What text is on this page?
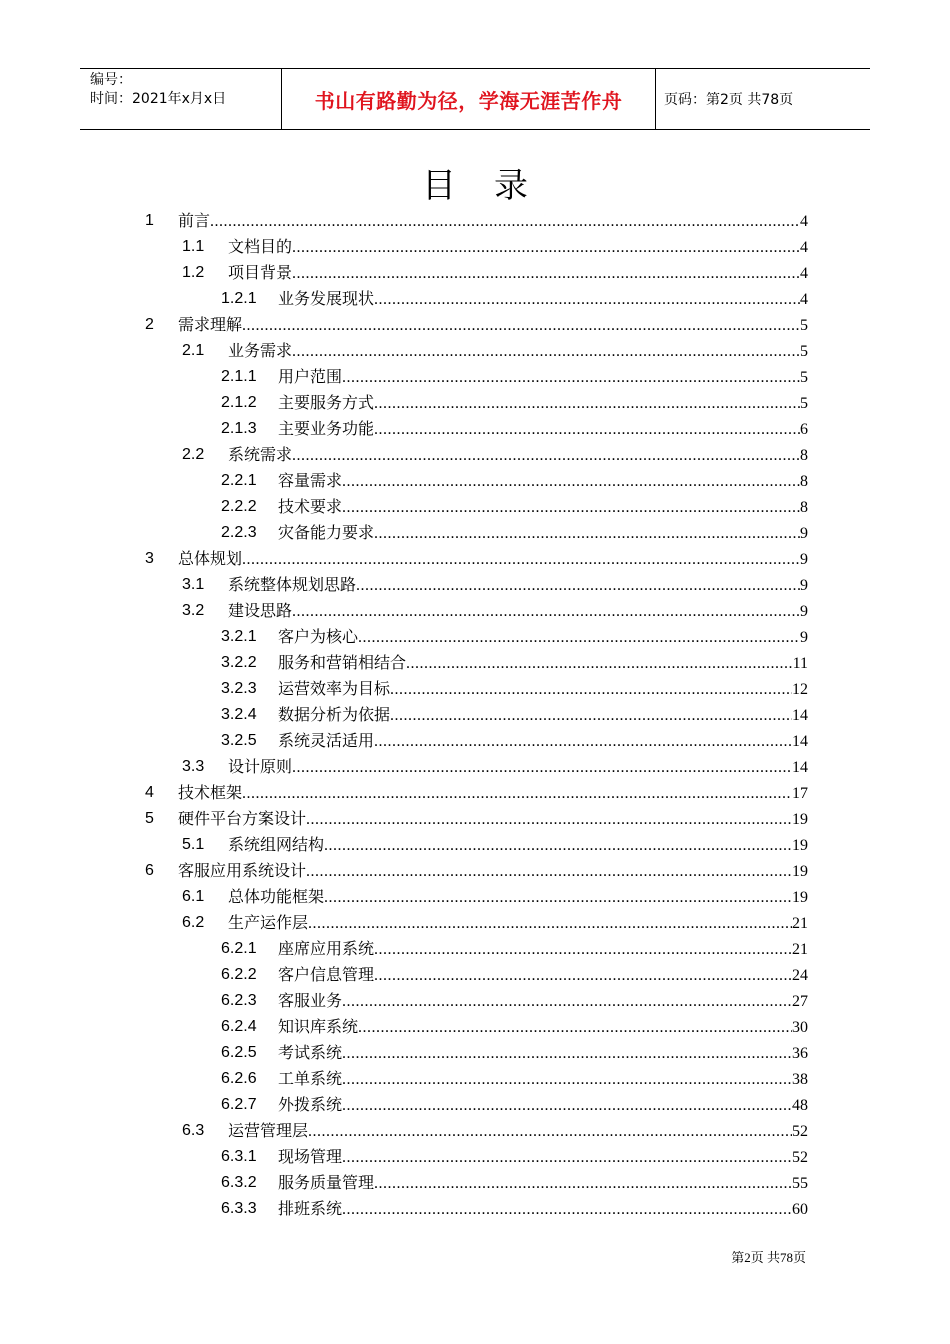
编号：
时间：2021年x月x日	书山有路勤为径，学海无涯苦作舟	页码：第2页 共78页
目录
1 前言 .....	4
1.1 文档目的 .....	4
1.2 项目背景 .....	4
1.2.1 业务发展现状 .....	4
2 需求理解 .....	5
2.1 业务需求 .....	5
2.1.1 用户范围 .....	5
2.1.2 主要服务方式 .....	5
2.1.3 主要业务功能 .....	6
2.2 系统需求 .....	8
2.2.1 容量需求 .....	8
2.2.2 技术要求 .....	8
2.2.3 灾备能力要求 .....	9
3 总体规划 .....	9
3.1 系统整体规划思路 .....	9
3.2 建设思路 .....	9
3.2.1 客户为核心 .....	9
3.2.2 服务和营销相结合 .....	11
3.2.3 运营效率为目标 .....	12
3.2.4 数据分析为依据 .....	14
3.2.5 系统灵活适用 .....	14
3.3 设计原则 .....	14
4 技术框架 .....	17
5 硬件平台方案设计 .....	19
5.1 系统组网结构 .....	19
6 客服应用系统设计 .....	19
6.1 总体功能框架 .....	19
6.2 生产运作层 .....	21
6.2.1 座席应用系统 .....	21
6.2.2 客户信息管理 .....	24
6.2.3 客服业务 .....	27
6.2.4 知识库系统 .....	30
6.2.5 考试系统 .....	36
6.2.6 工单系统 .....	38
6.2.7 外拨系统 .....	48
6.3 运营管理层 .....	52
6.3.1 现场管理 .....	52
6.3.2 服务质量管理 .....	55
6.3.3 排班系统 .....	60
第2页 共78页
